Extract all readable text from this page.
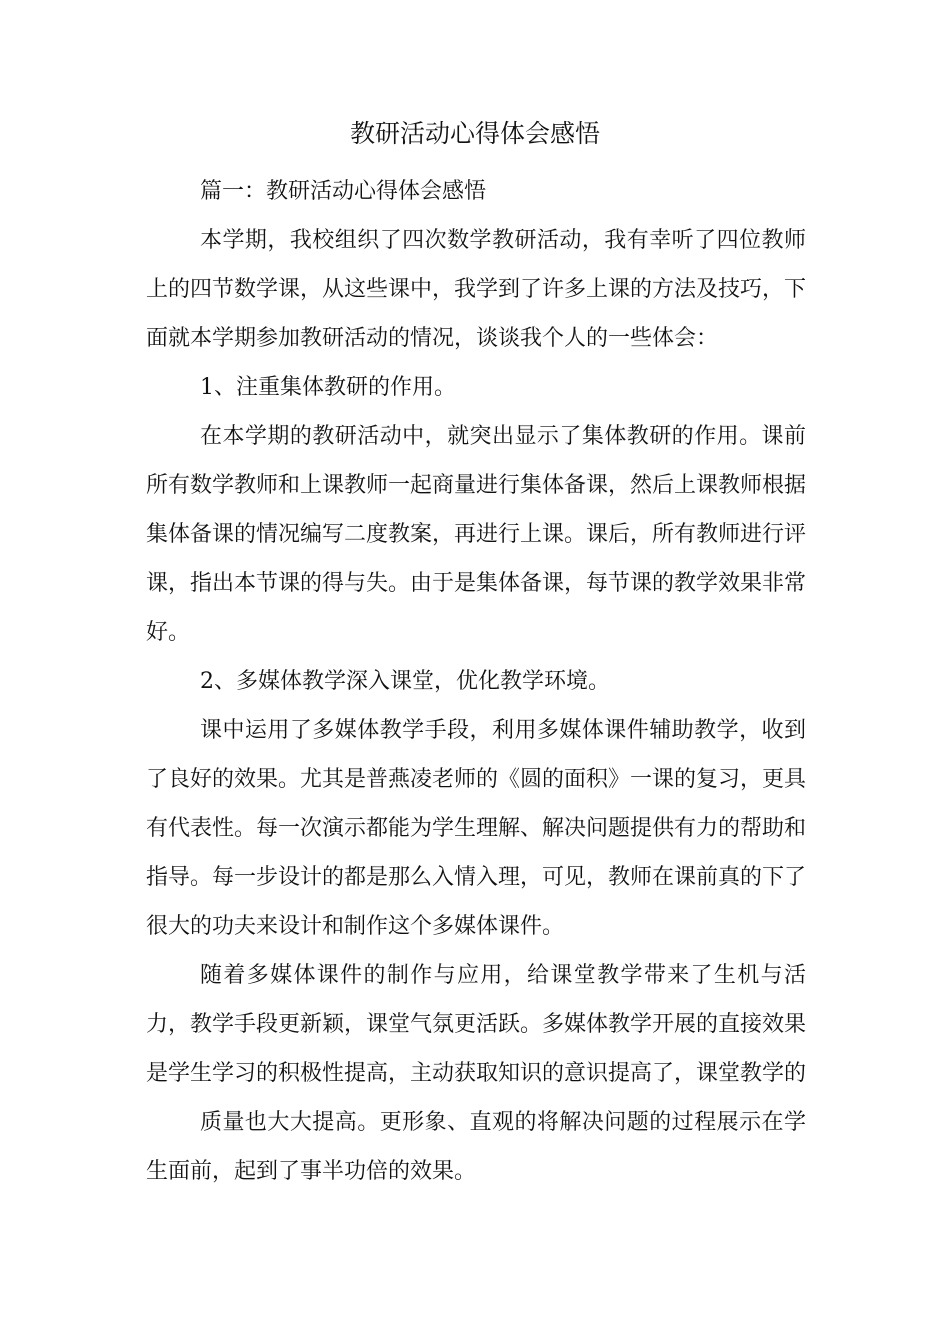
教研活动心得体会感悟

篇一：教研活动心得体会感悟

本学期，我校组织了四次数学教研活动，我有幸听了四位教师上的四节数学课，从这些课中，我学到了许多上课的方法及技巧，下面就本学期参加教研活动的情况，谈谈我个人的一些体会：

1、注重集体教研的作用。

在本学期的教研活动中，就突出显示了集体教研的作用。课前所有数学教师和上课教师一起商量进行集体备课，然后上课教师根据集体备课的情况编写二度教案，再进行上课。课后，所有教师进行评课，指出本节课的得与失。由于是集体备课，每节课的教学效果非常好。

2、多媒体教学深入课堂，优化教学环境。

课中运用了多媒体教学手段，利用多媒体课件辅助教学，收到了良好的效果。尤其是普燕凌老师的《圆的面积》一课的复习，更具有代表性。每一次演示都能为学生理解、解决问题提供有力的帮助和指导。每一步设计的都是那么入情入理，可见，教师在课前真的下了很大的功夫来设计和制作这个多媒体课件。

随着多媒体课件的制作与应用，给课堂教学带来了生机与活力，教学手段更新颖，课堂气氛更活跃。多媒体教学开展的直接效果是学生学习的积极性提高，主动获取知识的意识提高了，课堂教学的

质量也大大提高。更形象、直观的将解决问题的过程展示在学生面前，起到了事半功倍的效果。
